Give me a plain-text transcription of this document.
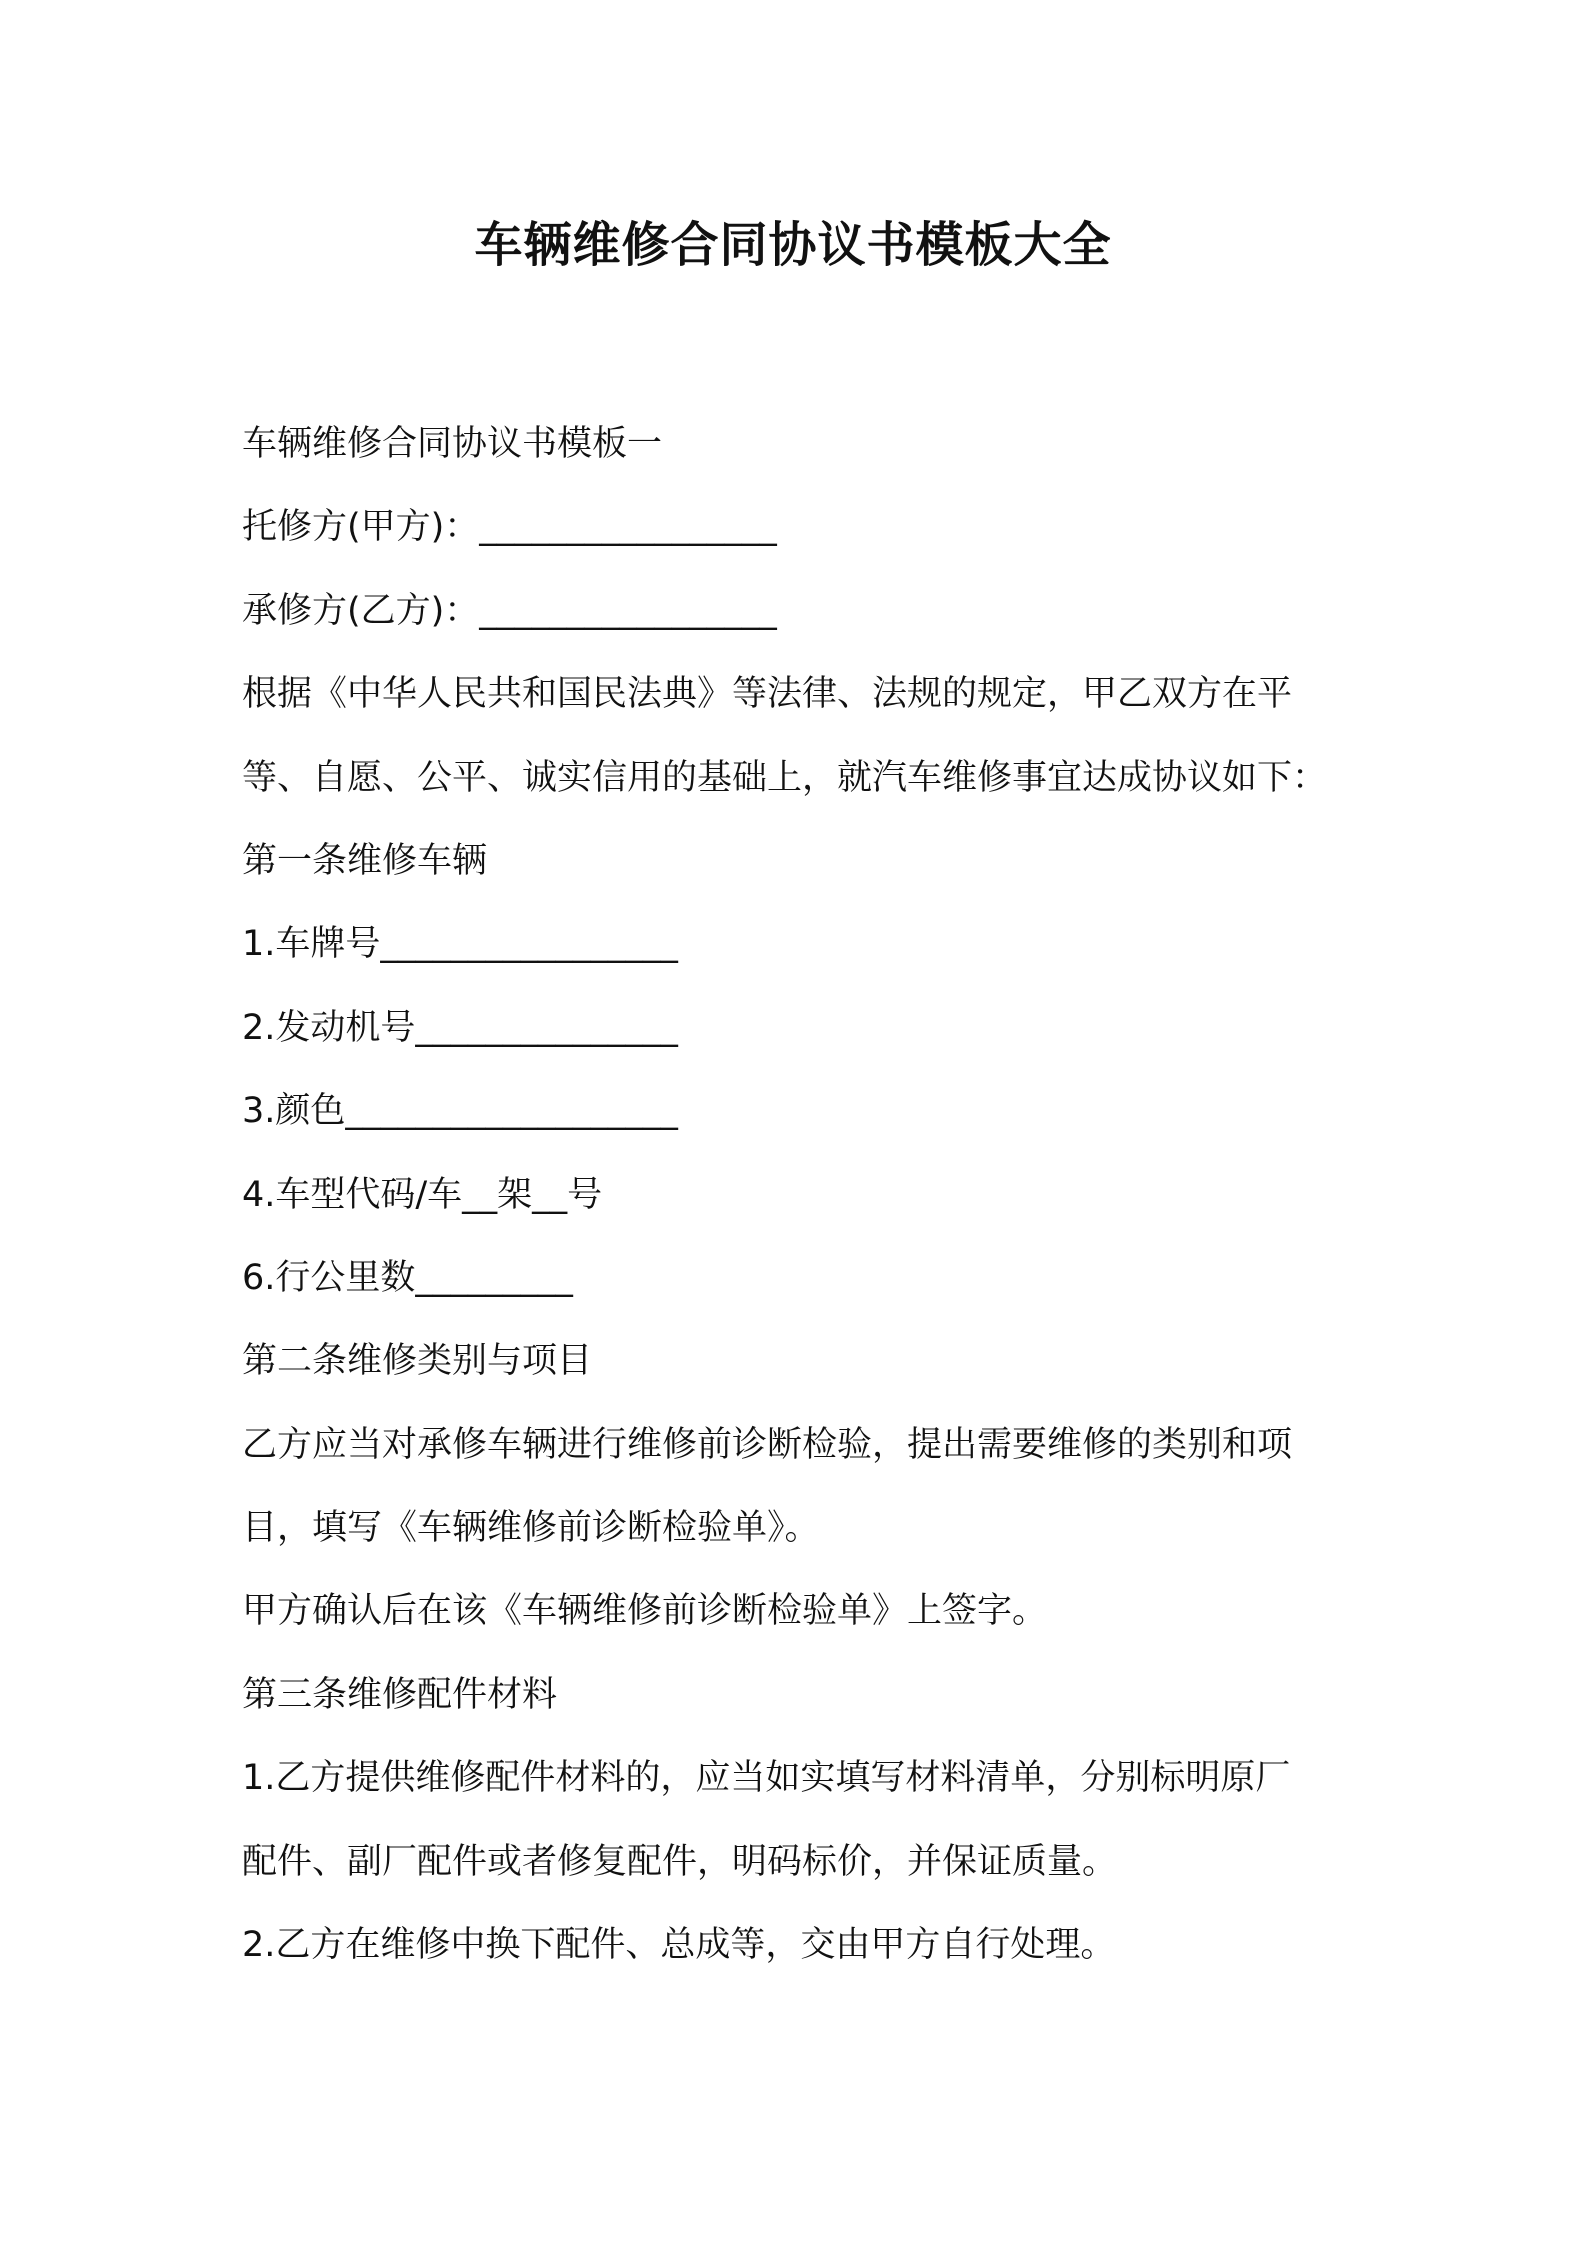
车辆维修合同协议书模板大全
车辆维修合同协议书模板一
托修方(甲方)：_________________
承修方(乙方)：_________________
根据《中华人民共和国民法典》等法律、法规的规定，甲乙双方在平
等、自愿、公平、诚实信用的基础上，就汽车维修事宜达成协议如下：
第一条维修车辆
1.车牌号_________________
2.发动机号_______________
3.颜色___________________
4.车型代码/车__架__号
6.行公里数_________
第二条维修类别与项目
乙方应当对承修车辆进行维修前诊断检验，提出需要维修的类别和项
目，填写《车辆维修前诊断检验单》。
甲方确认后在该《车辆维修前诊断检验单》上签字。
第三条维修配件材料
1.乙方提供维修配件材料的，应当如实填写材料清单，分别标明原厂
配件、副厂配件或者修复配件，明码标价，并保证质量。
2.乙方在维修中换下配件、总成等，交由甲方自行处理。
